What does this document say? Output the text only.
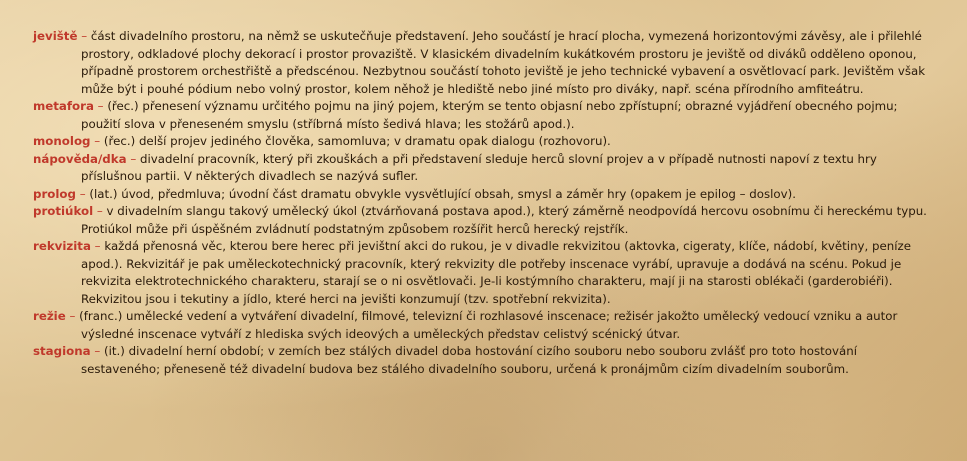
jeviště – část divadelního prostoru, na němž se uskutečňuje představení. Jeho součástí je hrací plocha, vymezená horizontovými závěsy, ale i přilehlé prostory, odkladové plochy dekorací i prostor provaziště. V klasickém divadelním kukátkovém prostoru je jeviště od diváků odděleno oponou, případně prostorem orchestřiště a předscénou. Nezbytnou součástí tohoto jeviště je jeho technické vybavení a osvětlovací park. Jevištěm však může být i pouhé pódium nebo volný prostor, kolem něhož je hlediště nebo jiné místo pro diváky, např. scéna přírodního amfiteátru.

metafora – (řec.) přenesení významu určitého pojmu na jiný pojem, kterým se tento objasní nebo zpřístupní; obrazné vyjádření obecného pojmu; použití slova v přeneseném smyslu (stříbrná místo šedivá hlava; les stožárů apod.).

monolog – (řec.) delší projev jediného člověka, samomluva; v dramatu opak dialogu (rozhovoru).

nápověda/dka – divadelní pracovník, který při zkouškách a při představení sleduje herců slovní projev a v případě nutnosti napoví z textu hry příslušnou partii. V některých divadlech se nazývá sufler.

prolog – (lat.) úvod, předmluva; úvodní část dramatu obvykle vysvětlující obsah, smysl a záměr hry (opakem je epilog – doslov).

protiúkol – v divadelním slangu takový umělecký úkol (ztvárňovaná postava apod.), který záměrně neodpovídá hercovu osobnímu či hereckému typu. Protiúkol může při úspěšném zvládnutí podstatným způsobem rozšířit herců herecký rejstřík.

rekvizita – každá přenosná věc, kterou bere herec při jevištní akci do rukou, je v divadle rekvizitou (aktovka, cigeraty, klíče, nádobí, květiny, peníze apod.). Rekvizitář je pak uměleckotechnický pracovník, který rekvizity dle potřeby inscenace vyrábí, upravuje a dodává na scénu. Pokud je rekvizita elektrotechnického charakteru, starají se o ni osvětlovači. Je-li kostýmního charakteru, mají ji na starosti oblékači (garderobiéři). Rekvizitou jsou i tekutiny a jídlo, které herci na jevišti konzumují (tzv. spotřební rekvizita).

režie – (franc.) umělecké vedení a vytváření divadelní, filmové, televizní či rozhlasové inscenace; režisér jakožto umělecký vedoucí vzniku a autor výsledné inscenace vytváří z hlediska svých ideových a uměleckých představ celistvý scénický útvar.

stagiona – (it.) divadelní herní období; v zemích bez stálých divadel doba hostování cizího souboru nebo souboru zvlášť pro toto hostování sestaveného; přeneseně též divadelní budova bez stálého divadelního souboru, určená k pronájmům cizím divadelním souborům.
